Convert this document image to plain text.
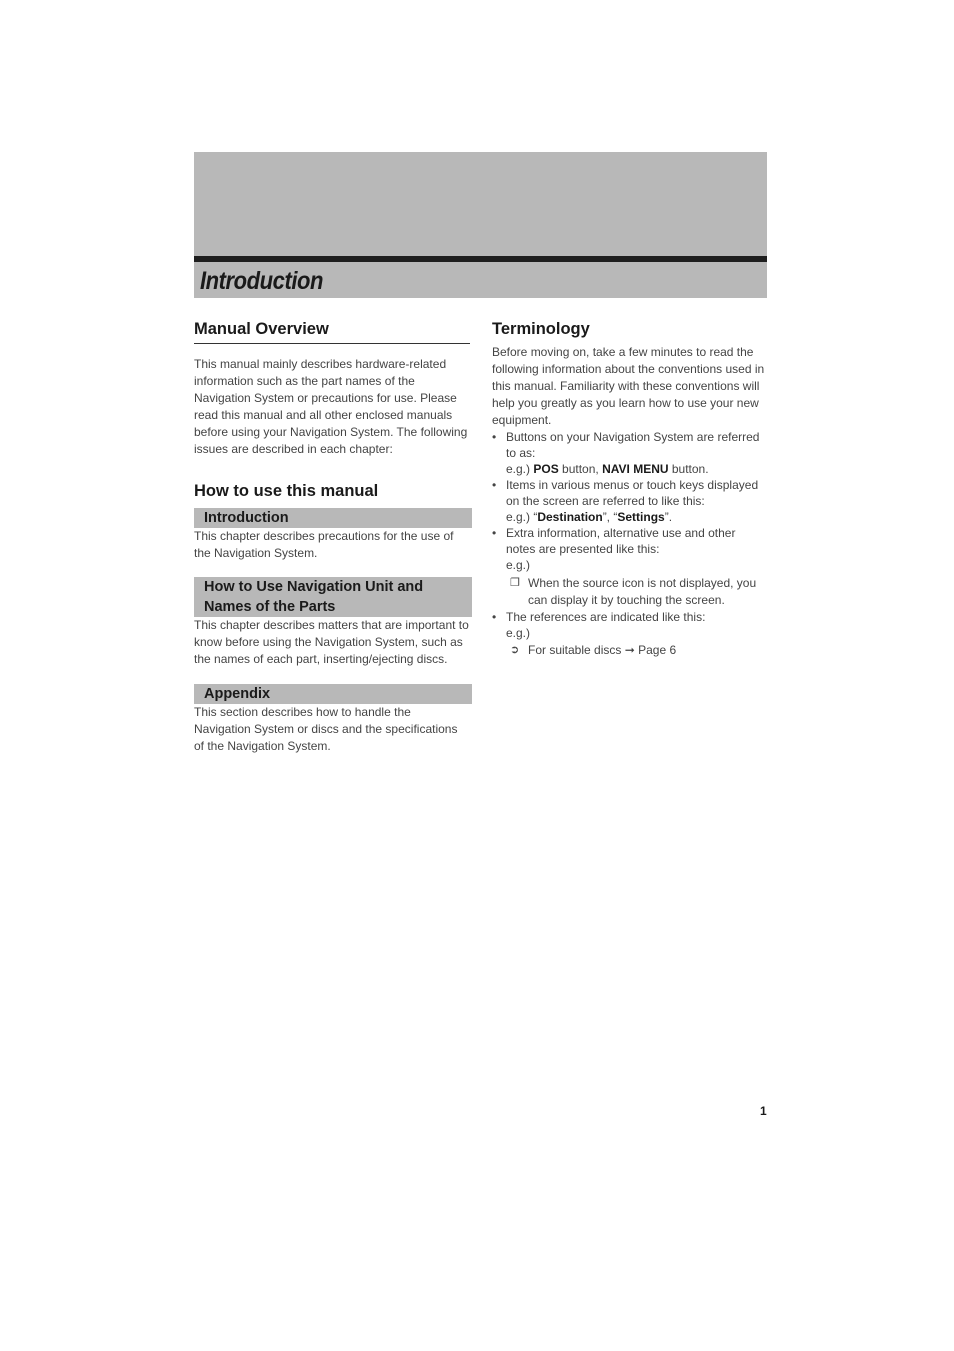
Introduction
Manual Overview

This manual mainly describes hardware-related information such as the part names of the Navigation System or precautions for use. Please read this manual and all other enclosed manuals before using your Navigation System. The following issues are described in each chapter:

How to use this manual
Introduction

This chapter describes precautions for the use of the Navigation System.

How to Use Navigation Unit and Names of the Parts

This chapter describes matters that are important to know before using the Navigation System, such as the names of each part, inserting/ejecting discs.

Appendix

This section describes how to handle the Navigation System or discs and the specifications of the Navigation System.

Terminology

Before moving on, take a few minutes to read the following information about the conventions used in this manual. Familiarity with these conventions will help you greatly as you learn how to use your new equipment.

• Buttons on your Navigation System are referred to as:
e.g.) POS button, NAVI MENU button.
• Items in various menus or touch keys displayed on the screen are referred to like this:
e.g.) “Destination”, “Settings”.
• Extra information, alternative use and other notes are presented like this:
e.g.)
❐ When the source icon is not displayed, you can display it by touching the screen.
• The references are indicated like this:
e.g.)
➲ For suitable discs ➞ Page 6
1
